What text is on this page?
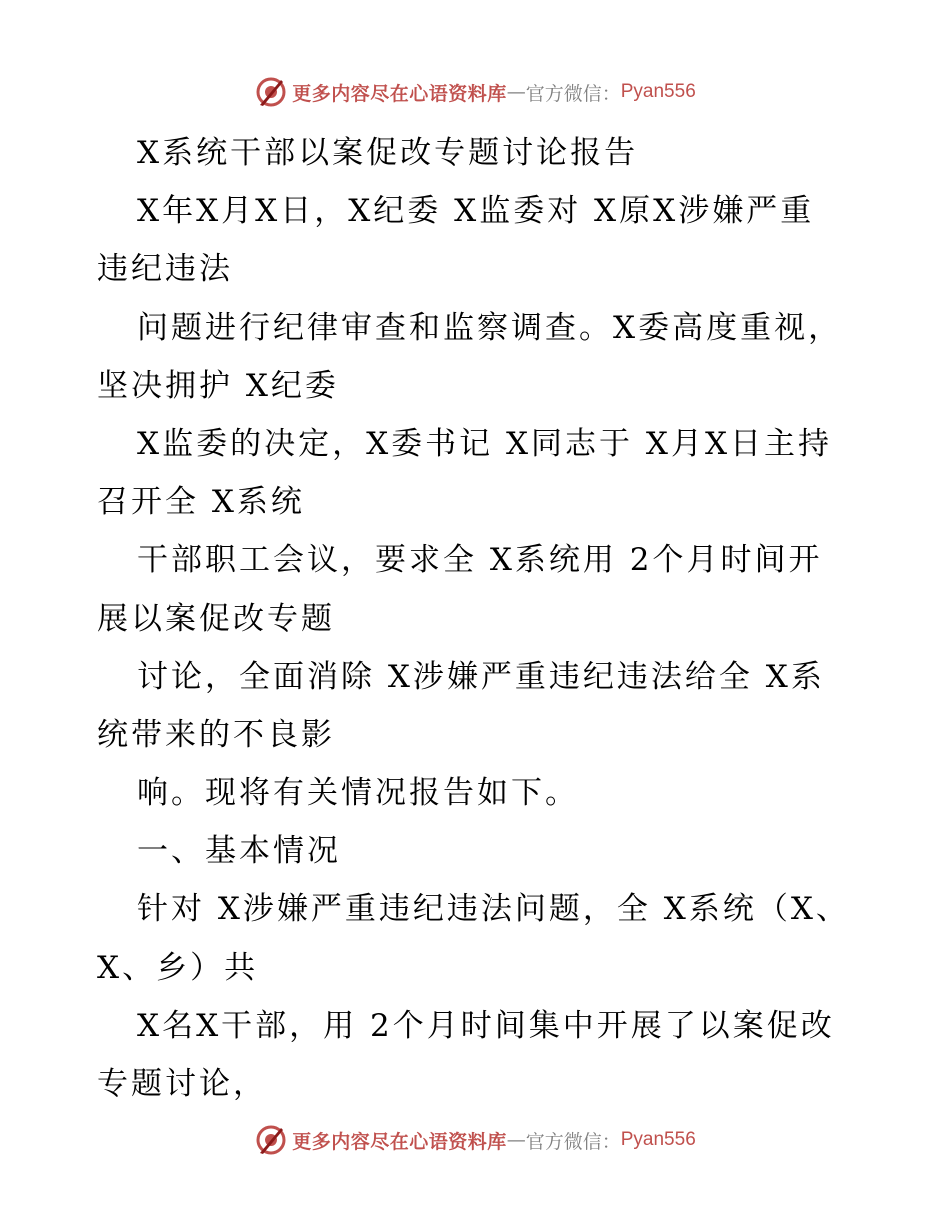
更多内容尽在心语资料库 — 官方微信： Pyan556
X系统干部以案促改专题讨论报告
X年X月X日，X纪委 X监委对 X原X涉嫌严重
违纪违法
问题进行纪律审查和监察调查。X委高度重视，
坚决拥护 X纪委
X监委的决定，X委书记 X同志于 X月X日主持
召开全 X系统
干部职工会议，要求全 X系统用 2个月时间开
展以案促改专题
讨论，全面消除 X涉嫌严重违纪违法给全 X系
统带来的不良影
响。现将有关情况报告如下。
一、基本情况
针对 X涉嫌严重违纪违法问题，全 X系统（X、
X、乡）共
X名X干部，用 2个月时间集中开展了以案促改
专题讨论，
更多内容尽在心语资料库 — 官方微信： Pyan556
